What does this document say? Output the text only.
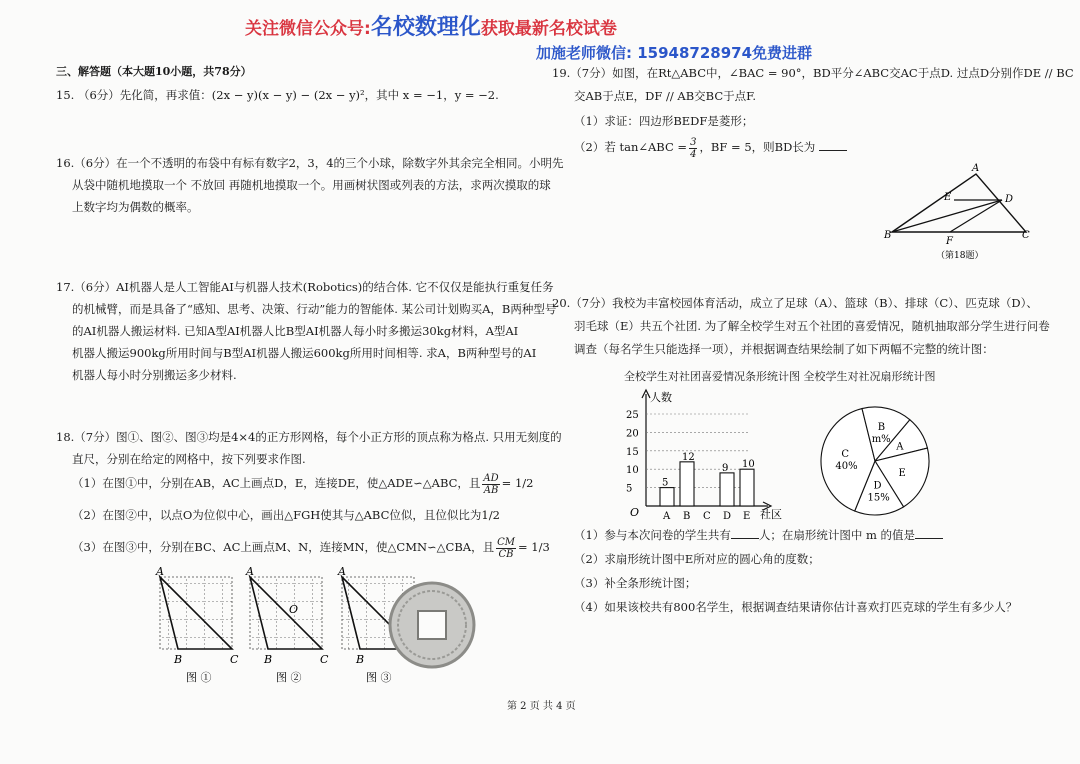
关注微信公众号:名校数理化获取最新名校试卷
加施老师微信: 15948728974免费进群
三、解答题（本大题10小题，共78分）
15. （6分）先化简，再求值：(2x − y)(x − y) − (2x − y)²，其中 x = −1，y = −2.
16.（6分）在一个不透明的布袋中有标有数字2，3，4的三个小球，除数字外其余完全相同。小明先
从袋中随机地摸取一个 不放回 再随机地摸取一个。用画树状图或列表的方法，求两次摸取的球
上数字均为偶数的概率。
17.（6分）AI机器人是人工智能AI与机器人技术(Robotics)的结合体. 它不仅仅是能执行重复任务
的机械臂，而是具备了“感知、思考、决策、行动”能力的智能体. 某公司计划购买A，B两种型号
的AI机器人搬运材料. 已知A型AI机器人比B型AI机器人每小时多搬运30kg材料，A型AI
机器人搬运900kg所用时间与B型AI机器人搬运600kg所用时间相等. 求A，B两种型号的AI
机器人每小时分别搬运多少材料.
18.（7分）图①、图②、图③均是4×4的正方形网格，每个小正方形的顶点称为格点. 只用无刻度的
直尺，分别在给定的网格中，按下列要求作图.
（1）在图①中，分别在AB，AC上画点D，E，连接DE，使△ADE∽△ABC，且 $\frac{AD}{AB} = 1/2$
（2）在图②中，以点O为位似中心，画出△FGH使其与△ABC位似，且位似比为1/2
（3）在图③中，分别在BC、AC上画点M、N，连接MN，使△CMN∽△CBA，且 $\frac{CM}{CB} = 1/3$
A
B	C
图 ①
A
O
B	C
图 ②
A
B
图 ③
19.（7分）如图，在Rt△ABC中，∠BAC = 90°，BD平分∠ABC交AC于点D. 过点D分别作DE // BC
交AB于点E，DF // AB交BC于点F.
（1）求证：四边形BEDF是菱形；
（2）若 tan∠ABC = $\frac{3}{4}$ ，BF = 5，则BD长为
A
E	D
B
F
C
（第18题）
20.（7分）我校为丰富校园体育活动，成立了足球（A）、篮球（B）、排球（C）、匹克球（D）、
羽毛球（E）共五个社团. 为了解全校学生对五个社团的喜爱情况，随机抽取部分学生进行问卷
调查（每名学生只能选择一项），并根据调查结果绘制了如下两幅不完整的统计图：
全校学生对社团喜爱情况条形统计图 全校学生对社况扇形统计图
人数
社区
O
5
10
15
20
25
5
A
12
B C
9
D
10
E
A
E
D
15%
C
40%
B
m%
（1）参与本次问卷的学生共有 人；在扇形统计图中 m 的值是
（2）求扇形统计图中E所对应的圆心角的度数；
（3）补全条形统计图；
（4）如果该校共有800名学生，根据调查结果请你估计喜欢打匹克球的学生有多少人？
第 2 页 共 4 页
